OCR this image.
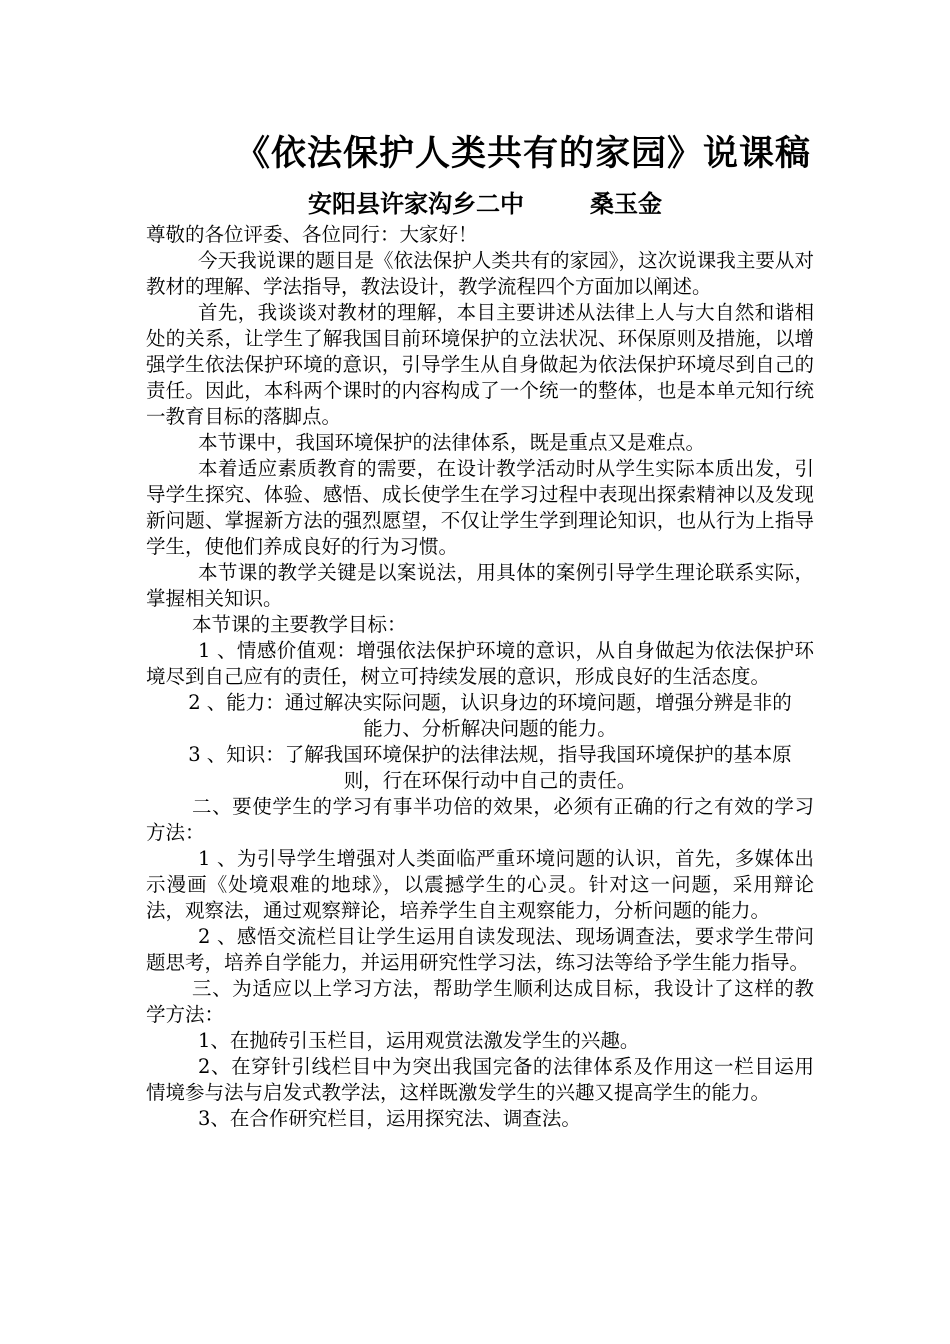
《依法保护人类共有的家园》说课稿
安阳县许家沟乡二中	桑玉金

尊敬的各位评委、各位同行：大家好！

今天我说课的题目是《依法保护人类共有的家园》，这次说课我主要从对教材的理解、学法指导，教法设计，教学流程四个方面加以阐述。

首先，我谈谈对教材的理解，本目主要讲述从法律上人与大自然和谐相处的关系，让学生了解我国目前环境保护的立法状况、环保原则及措施，以增强学生依法保护环境的意识，引导学生从自身做起为依法保护环境尽到自己的责任。因此，本科两个课时的内容构成了一个统一的整体，也是本单元知行统一教育目标的落脚点。

本节课中，我国环境保护的法律体系，既是重点又是难点。

本着适应素质教育的需要，在设计教学活动时从学生实际本质出发，引导学生探究、体验、感悟、成长使学生在学习过程中表现出探索精神以及发现新问题、掌握新方法的强烈愿望，不仅让学生学到理论知识，也从行为上指导学生，使他们养成良好的行为习惯。

本节课的教学关键是以案说法，用具体的案例引导学生理论联系实际，掌握相关知识。

本节课的主要教学目标：

1 、情感价值观：增强依法保护环境的意识，从自身做起为依法保护环境尽到自己应有的责任，树立可持续发展的意识，形成良好的生活态度。

2 、能力：通过解决实际问题，认识身边的环境问题，增强分辨是非的能力、分析解决问题的能力。

3 、知识：了解我国环境保护的法律法规，指导我国环境保护的基本原则，行在环保行动中自己的责任。

二、要使学生的学习有事半功倍的效果，必须有正确的行之有效的学习方法：

1 、为引导学生增强对人类面临严重环境问题的认识，首先，多媒体出示漫画《处境艰难的地球》，以震撼学生的心灵。针对这一问题，采用辩论法，观察法，通过观察辩论，培养学生自主观察能力，分析问题的能力。

2 、感悟交流栏目让学生运用自读发现法、现场调查法，要求学生带问题思考，培养自学能力，并运用研究性学习法，练习法等给予学生能力指导。

三、为适应以上学习方法，帮助学生顺利达成目标，我设计了这样的教学方法：

1、在抛砖引玉栏目，运用观赏法激发学生的兴趣。

2、在穿针引线栏目中为突出我国完备的法律体系及作用这一栏目运用情境参与法与启发式教学法，这样既激发学生的兴趣又提高学生的能力。

3、在合作研究栏目，运用探究法、调查法。
